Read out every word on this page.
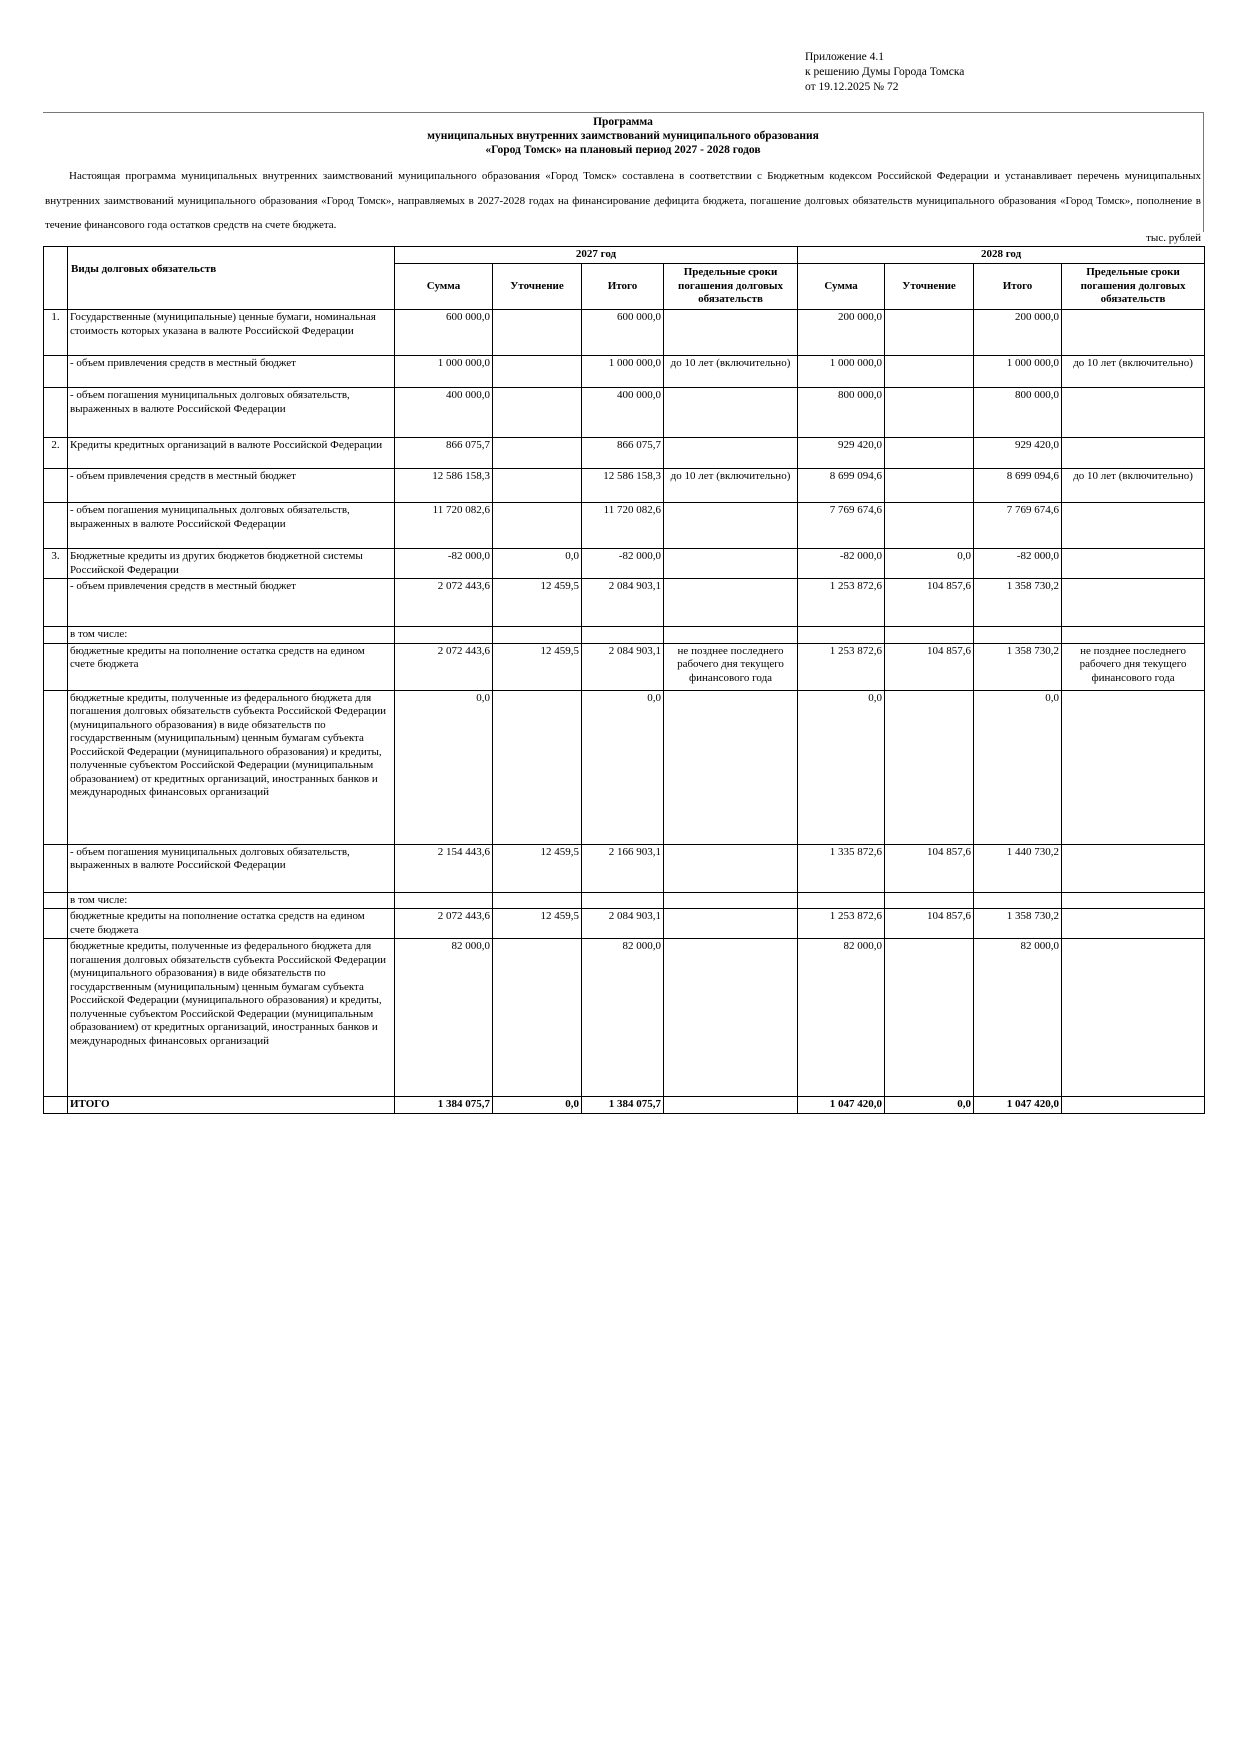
Приложение 4.1
к решению Думы Города Томска
от 19.12.2025 № 72
Программа
муниципальных внутренних заимствований муниципального образования
«Город Томск» на плановый период 2027 - 2028 годов
Настоящая программа муниципальных внутренних заимствований муниципального образования «Город Томск» составлена в соответствии с Бюджетным кодексом Российской Федерации и устанавливает перечень муниципальных внутренних заимствований муниципального образования «Город Томск», направляемых в 2027-2028 годах на финансирование дефицита бюджета, погашение долговых обязательств муниципального образования «Город Томск», пополнение в течение финансового года остатков средств на счете бюджета.
тыс. рублей
	Виды долговых обязательств	2027 год				2028 год			
		Сумма	Уточнение	Итого	Предельные сроки погашения долговых обязательств	Сумма	Уточнение	Итого	Предельные сроки погашения долговых обязательств
1.	Государственные (муниципальные) ценные бумаги, номинальная стоимость которых указана в валюте Российской Федерации	600 000,0		600 000,0		200 000,0		200 000,0	
	- объем привлечения средств в местный бюджет	1 000 000,0		1 000 000,0	до 10 лет (включительно)	1 000 000,0		1 000 000,0	до 10 лет (включительно)
	- объем погашения муниципальных долговых обязательств, выраженных в валюте Российской Федерации	400 000,0		400 000,0		800 000,0		800 000,0	
2.	Кредиты кредитных организаций в валюте Российской Федерации	866 075,7		866 075,7		929 420,0		929 420,0	
	- объем привлечения средств в местный бюджет	12 586 158,3		12 586 158,3	до 10 лет (включительно)	8 699 094,6		8 699 094,6	до 10 лет (включительно)
	- объем погашения муниципальных долговых обязательств, выраженных в валюте Российской Федерации	11 720 082,6		11 720 082,6		7 769 674,6		7 769 674,6	
3.	Бюджетные кредиты из других бюджетов бюджетной системы Российской Федерации	-82 000,0	0,0	-82 000,0		-82 000,0	0,0	-82 000,0	
	- объем привлечения средств в местный бюджет	2 072 443,6	12 459,5	2 084 903,1		1 253 872,6	104 857,6	1 358 730,2	
	в том числе:								
	бюджетные кредиты на пополнение остатка средств на едином счете бюджета	2 072 443,6	12 459,5	2 084 903,1	не позднее последнего рабочего дня текущего финансового года	1 253 872,6	104 857,6	1 358 730,2	не позднее последнего рабочего дня текущего финансового года
	бюджетные кредиты, полученные из федерального бюджета для погашения долговых обязательств субъекта Российской Федерации (муниципального образования) в виде обязательств по государственным (муниципальным) ценным бумагам субъекта Российской Федерации (муниципального образования) и кредиты, полученные субъектом Российской Федерации (муниципальным образованием) от кредитных организаций, иностранных банков и международных финансовых организаций	0,0		0,0		0,0		0,0	
	- объем погашения муниципальных долговых обязательств, выраженных в валюте Российской Федерации	2 154 443,6	12 459,5	2 166 903,1		1 335 872,6	104 857,6	1 440 730,2	
	в том числе:								
	бюджетные кредиты на пополнение остатка средств на едином счете бюджета	2 072 443,6	12 459,5	2 084 903,1		1 253 872,6	104 857,6	1 358 730,2	
	бюджетные кредиты, полученные из федерального бюджета для погашения долговых обязательств субъекта Российской Федерации (муниципального образования) в виде обязательств по государственным (муниципальным) ценным бумагам субъекта Российской Федерации (муниципального образования) и кредиты, полученные субъектом Российской Федерации (муниципальным образованием) от кредитных организаций, иностранных банков и международных финансовых организаций	82 000,0		82 000,0		82 000,0		82 000,0	
	ИТОГО	1 384 075,7	0,0	1 384 075,7		1 047 420,0	0,0	1 047 420,0	
